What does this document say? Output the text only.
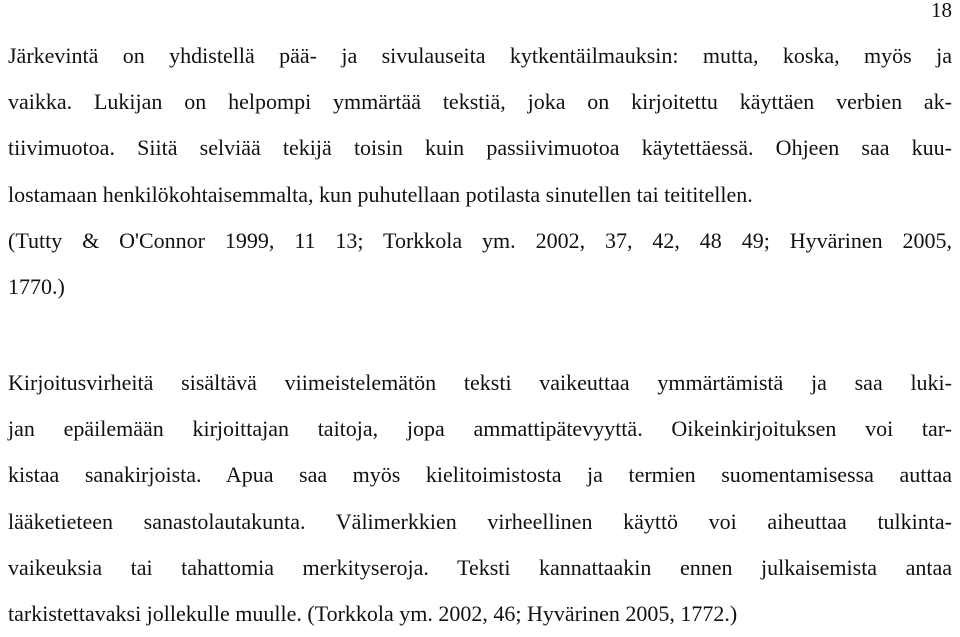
18
Järkevintä on yhdistellä pää- ja sivulauseita kytkentäilmauksin: mutta, koska, myös ja
vaikka. Lukijan on helpompi ymmärtää tekstiä, joka on kirjoitettu käyttäen verbien ak-
tiivimuotoa. Siitä selviää tekijä toisin kuin passiivimuotoa käytettäessä. Ohjeen saa kuu-
lostamaan henkilökohtaisemmalta, kun puhutellaan potilasta sinutellen tai teititellen.
(Tutty & O'Connor 1999, 11 13; Torkkola ym. 2002, 37, 42, 48 49; Hyvärinen 2005,
1770.)
Kirjoitusvirheitä sisältävä viimeistelemätön teksti vaikeuttaa ymmärtämistä ja saa luki-
jan epäilemään kirjoittajan taitoja, jopa ammattipätevyyttä. Oikeinkirjoituksen voi tar-
kistaa sanakirjoista. Apua saa myös kielitoimistosta ja termien suomentamisessa auttaa
lääketieteen sanastolautakunta. Välimerkkien virheellinen käyttö voi aiheuttaa tulkinta-
vaikeuksia tai tahattomia merkityseroja. Teksti kannattaakin ennen julkaisemista antaa
tarkistettavaksi jollekulle muulle. (Torkkola ym. 2002, 46; Hyvärinen 2005, 1772.)
